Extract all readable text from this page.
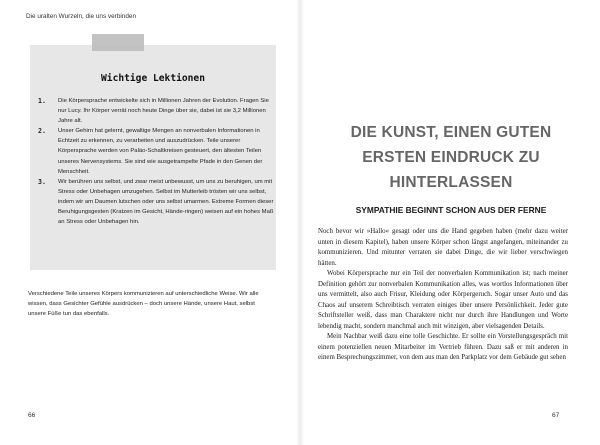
Die uralten Wurzeln, die uns verbinden
Wichtige Lektionen
1. Die Körpersprache entwickelte sich in Millionen Jahren der Evolution. Fragen Sie nur Lucy. Ihr Körper verrät noch heute Dinge über sie, dabei ist sie 3,2 Millionen Jahre alt.
2. Unser Gehirn hat gelernt, gewaltige Mengen an nonverbalen Informationen in Echtzeit zu erkennen, zu verarbeiten und auszudrücken. Teile unserer Körpersprache werden von Paläo-Schaltkreisen gesteuert, den ältesten Teilen unseres Nervensystems. Sie sind wie ausgetrampelte Pfade in den Genen der Menschheit.
3. Wir berühren uns selbst, und zwar meist unbewusst, um uns zu beruhigen, um mit Stress oder Unbehagen umzugehen. Selbst im Mutterleib trösten wir uns selbst, indem wir am Daumen lutschen oder uns selbst umarmen. Extreme Formen dieser Beruhigungsgesten (Kratzen im Gesicht, Hände-ringen) weisen auf ein hohes Maß an Stress oder Unbehagen hin.

Verschiedene Teile unseres Körpers kommunizieren auf unterschiedliche Weise. Wir alle wissen, dass Gesichter Gefühle ausdrücken – doch unsere Hände, unsere Haut, selbst unsere Füße tun das ebenfalls.

66
DIE KUNST, EINEN GUTEN ERSTEN EINDRUCK ZU HINTERLASSEN
SYMPATHIE BEGINNT SCHON AUS DER FERNE

Noch bevor wir »Hallo« gesagt oder uns die Hand gegeben haben (mehr dazu weiter unten in diesem Kapitel), haben unsere Körper schon längst angefangen, miteinander zu kommunizieren. Und mitunter verraten sie dabei Dinge, die wir lieber verschwiegen hätten.

Wobei Körpersprache nur ein Teil der nonverbalen Kommunikation ist; nach meiner Definition gehört zur nonverbalen Kommunikation alles, was wortlos Informationen über uns vermittelt, also auch Frisur, Kleidung oder Körpergeruch. Sogar unser Auto und das Chaos auf unserem Schreibtisch verraten einiges über unsere Persönlichkeit. Jeder gute Schriftsteller weiß, dass man Charaktere nicht nur durch ihre Handlungen und Worte lebendig macht, sondern manchmal auch mit winzigen, aber vielsagenden Details.

Mein Nachbar weiß dazu eine tolle Geschichte. Er sollte ein Vorstellungsgespräch mit einem potenziellen neuen Mitarbeiter im Vertrieb führen. Dazu saß er mit anderen in einem Besprechungszimmer, von dem aus man den Parkplatz vor dem Gebäude gut sehen

67
